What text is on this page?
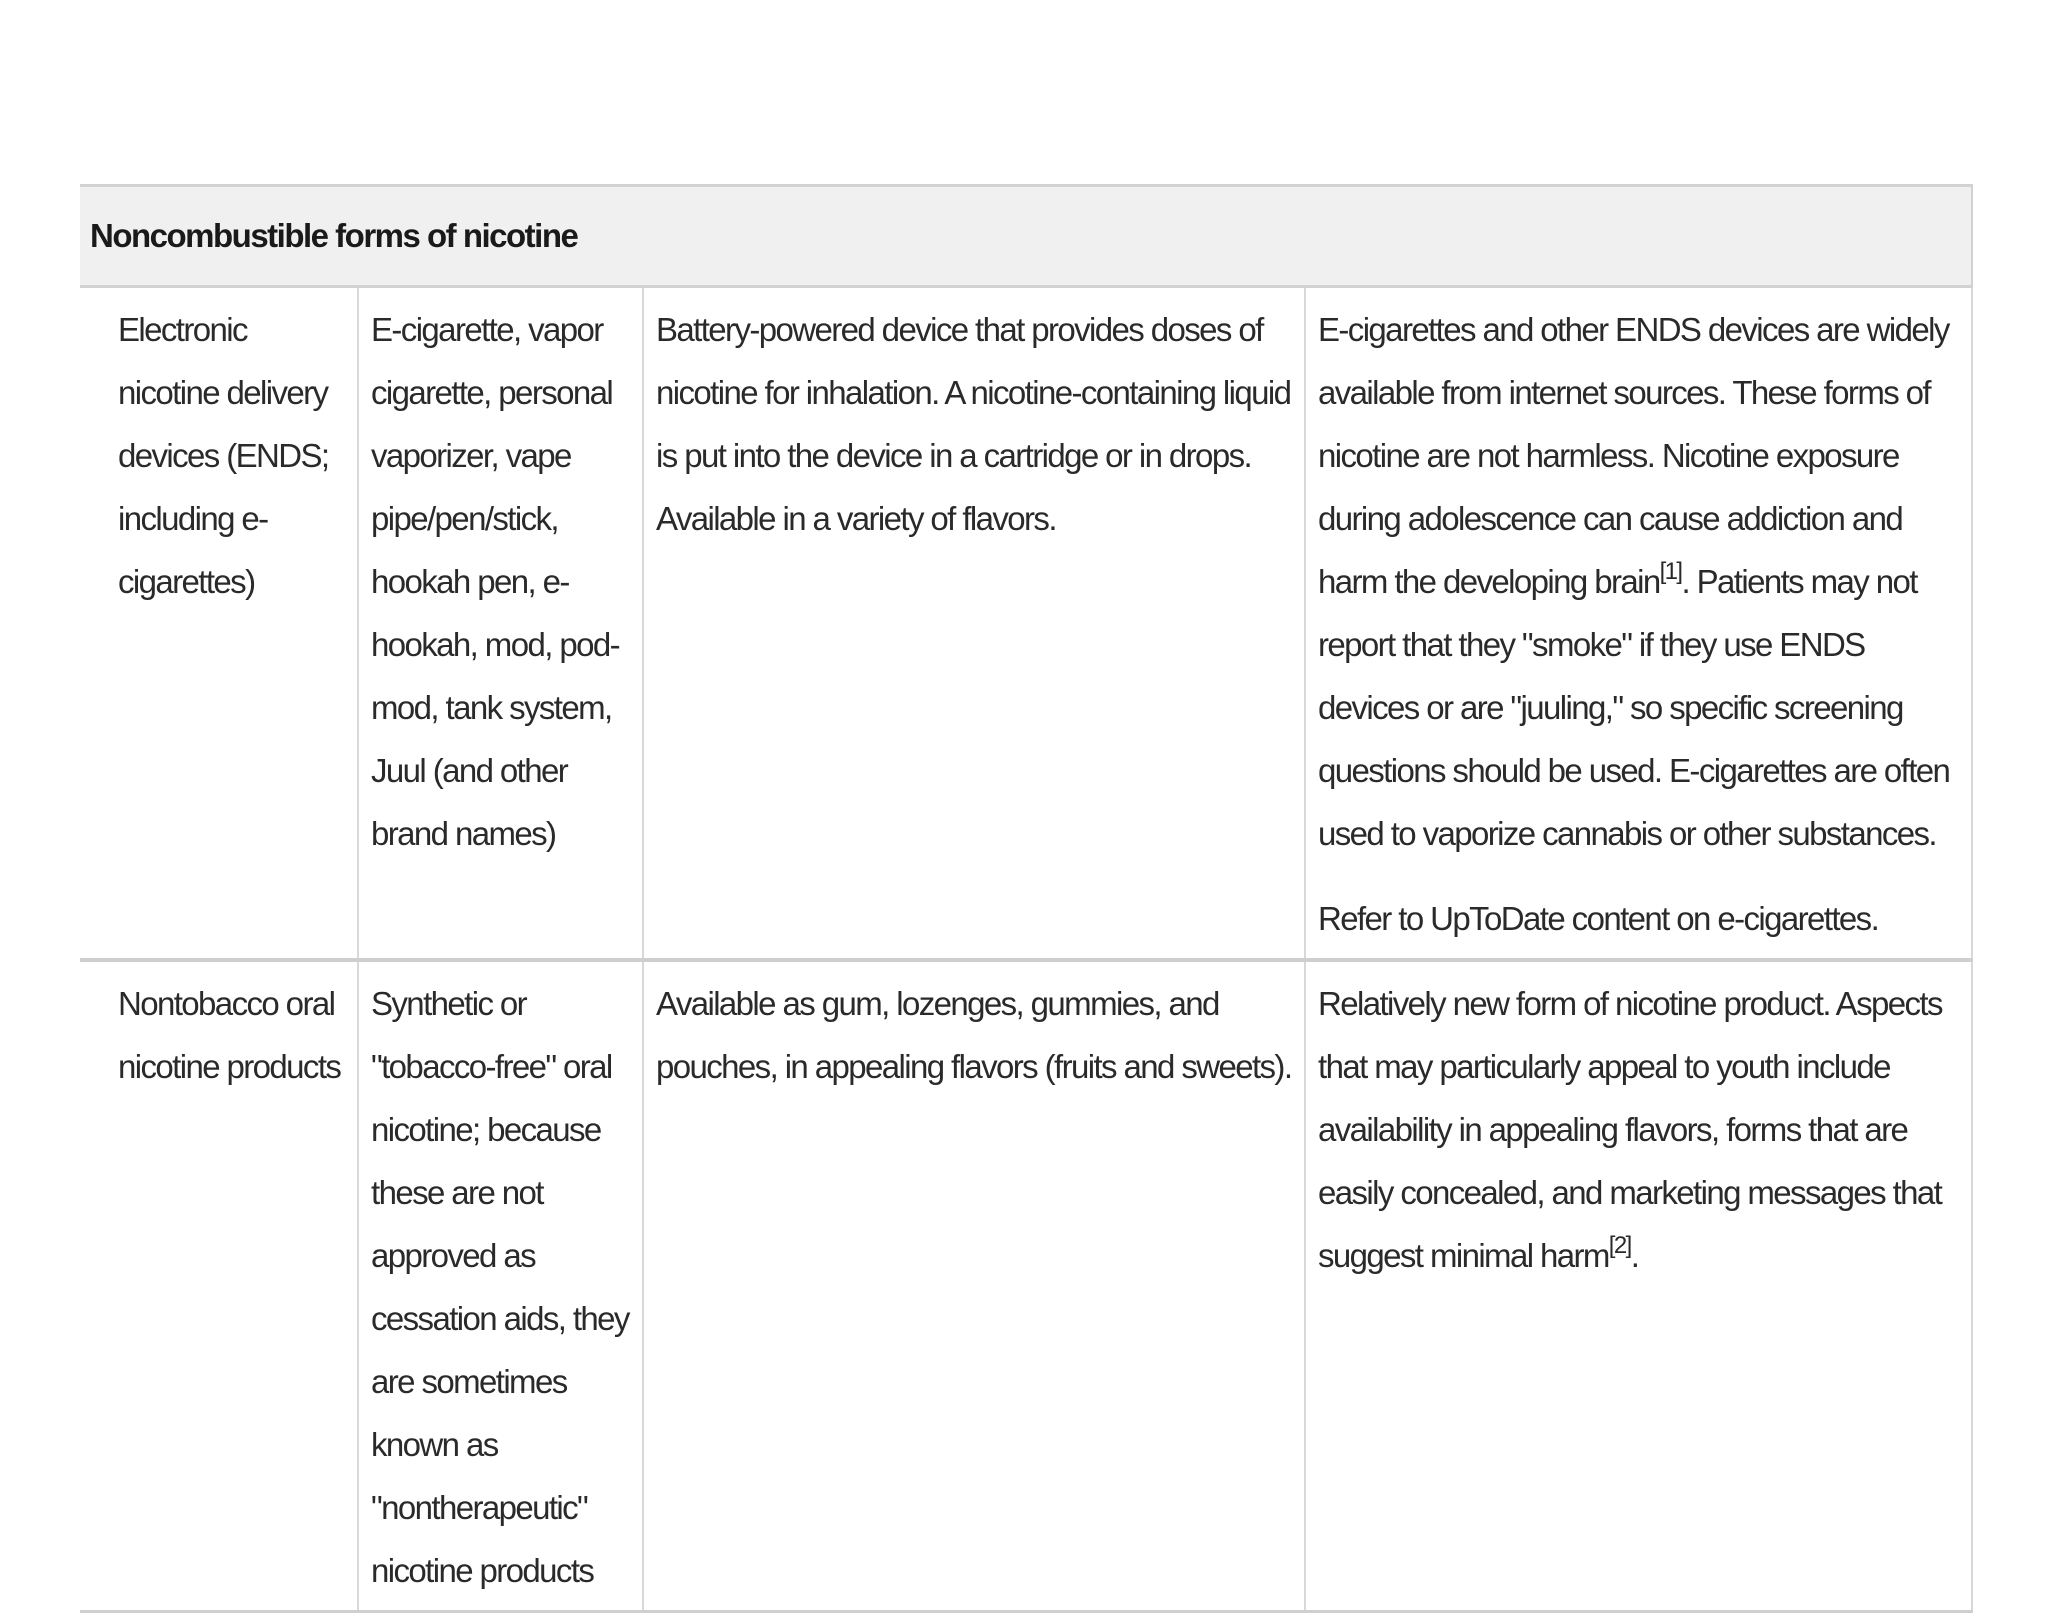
Noncombustible forms of nicotine			
Electronic nicotine delivery devices (ENDS; including e-cigarettes)	E-cigarette, vapor cigarette, personal vaporizer, vape pipe/pen/stick, hookah pen, e-hookah, mod, pod-mod, tank system, Juul (and other brand names)	Battery-powered device that provides doses of nicotine for inhalation. A nicotine-containing liquid is put into the device in a cartridge or in drops. Available in a variety of flavors.	E-cigarettes and other ENDS devices are widely available from internet sources. These forms of nicotine are not harmless. Nicotine exposure during adolescence can cause addiction and harm the developing brain[1]. Patients may not report that they "smoke" if they use ENDS devices or are "juuling," so specific screening questions should be used. E-cigarettes are often used to vaporize cannabis or other substances.

Refer to UpToDate content on e-cigarettes.

Nontobacco oral nicotine products	Synthetic or "tobacco-free" oral nicotine; because these are not approved as cessation aids, they are sometimes known as "nontherapeutic" nicotine products	Available as gum, lozenges, gummies, and pouches, in appealing flavors (fruits and sweets).	Relatively new form of nicotine product. Aspects that may particularly appeal to youth include availability in appealing flavors, forms that are easily concealed, and marketing messages that suggest minimal harm[2].
